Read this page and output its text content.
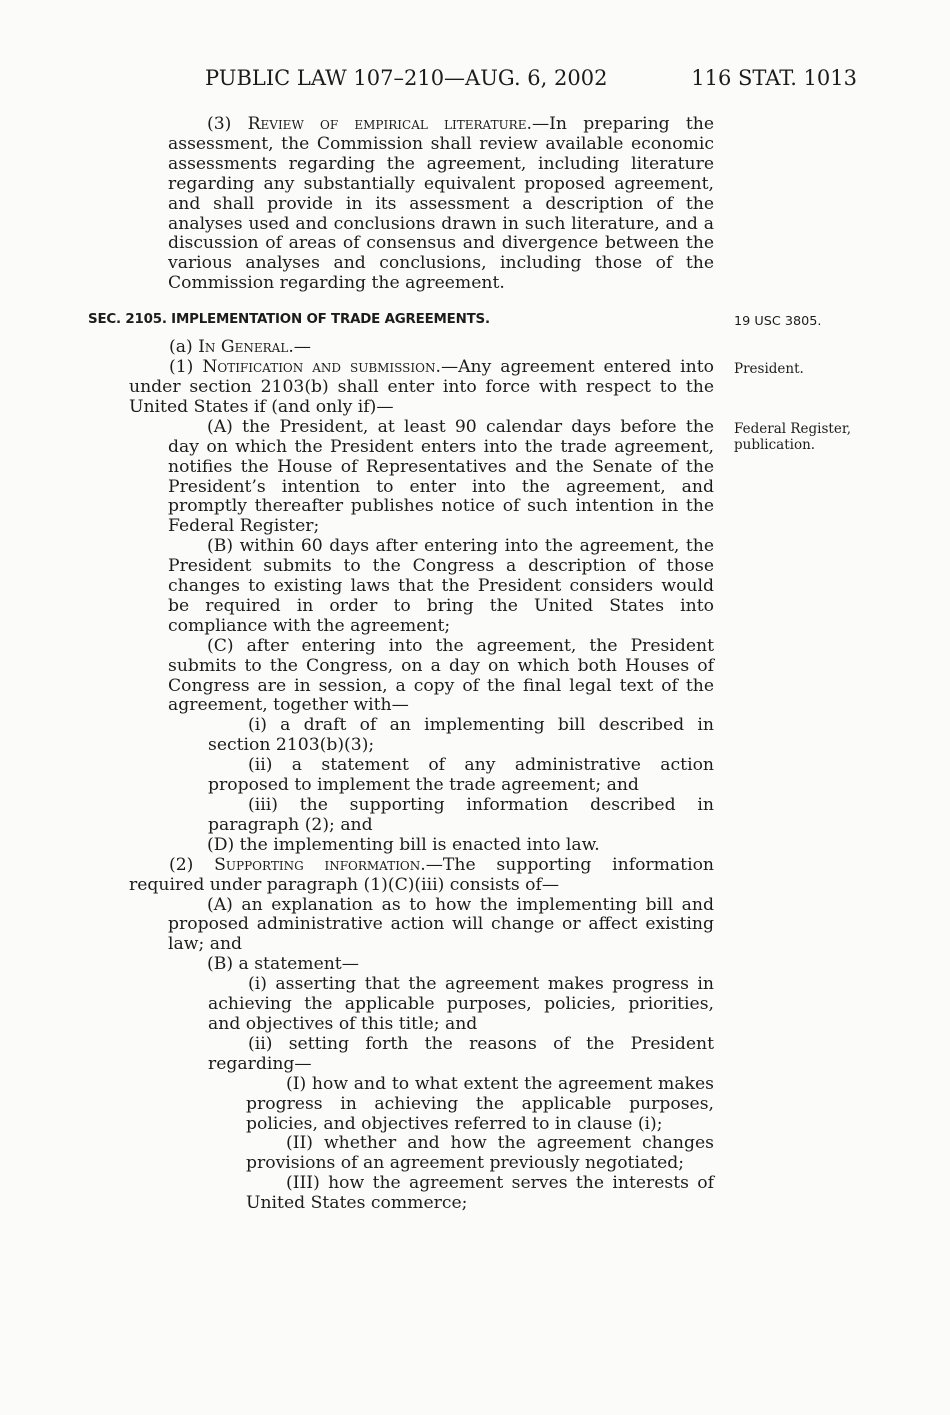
PUBLIC LAW 107–210—AUG. 6, 2002	116 STAT. 1013
19 USC 3805.
President.
Federal Register,
publication.

(3) Review of empirical literature.—In preparing the assessment, the Commission shall review available economic assessments regarding the agreement, including literature regarding any substantially equivalent proposed agreement, and shall provide in its assessment a description of the analyses used and conclusions drawn in such literature, and a discussion of areas of consensus and divergence between the various analyses and conclusions, including those of the Commission regarding the agreement.

SEC. 2105. IMPLEMENTATION OF TRADE AGREEMENTS.

(a) In General.—

(1) Notification and submission.—Any agreement entered into under section 2103(b) shall enter into force with respect to the United States if (and only if)—

(A) the President, at least 90 calendar days before the day on which the President enters into the trade agreement, notifies the House of Representatives and the Senate of the President’s intention to enter into the agreement, and promptly thereafter publishes notice of such intention in the Federal Register;

(B) within 60 days after entering into the agreement, the President submits to the Congress a description of those changes to existing laws that the President considers would be required in order to bring the United States into compliance with the agreement;

(C) after entering into the agreement, the President submits to the Congress, on a day on which both Houses of Congress are in session, a copy of the final legal text of the agreement, together with—

(i) a draft of an implementing bill described in section 2103(b)(3);

(ii) a statement of any administrative action proposed to implement the trade agreement; and

(iii) the supporting information described in paragraph (2); and

(D) the implementing bill is enacted into law.

(2) Supporting information.—The supporting information required under paragraph (1)(C)(iii) consists of—

(A) an explanation as to how the implementing bill and proposed administrative action will change or affect existing law; and

(B) a statement—

(i) asserting that the agreement makes progress in achieving the applicable purposes, policies, priorities, and objectives of this title; and

(ii) setting forth the reasons of the President regarding—

(I) how and to what extent the agreement makes progress in achieving the applicable purposes, policies, and objectives referred to in clause (i);

(II) whether and how the agreement changes provisions of an agreement previously negotiated;

(III) how the agreement serves the interests of United States commerce;
